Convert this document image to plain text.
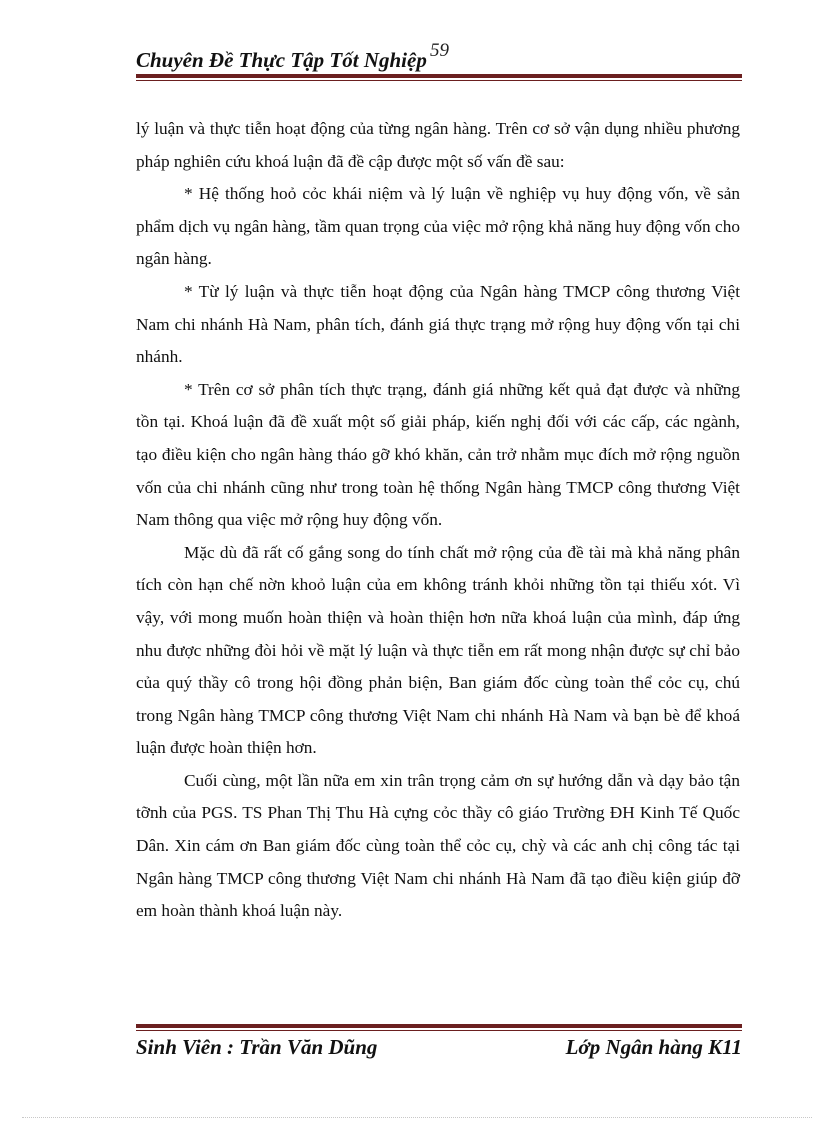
Chuyên Đề Thực Tập Tốt Nghiệp 59

lý luận và thực tiễn hoạt động của từng ngân hàng. Trên cơ sở vận dụng nhiều phương pháp nghiên cứu khoá luận đã đề cập được một số vấn đề sau:

* Hệ thống hoỏ cỏc khái niệm và lý luận về nghiệp vụ huy động vốn, về sản phẩm dịch vụ ngân hàng, tầm quan trọng của việc mở rộng khả năng huy động vốn cho ngân hàng.

* Từ lý luận và thực tiễn hoạt động của Ngân hàng TMCP công thương Việt Nam chi nhánh Hà Nam, phân tích, đánh giá thực trạng mở rộng huy động vốn tại chi nhánh.

* Trên cơ sở phân tích thực trạng, đánh giá những kết quả đạt được và những tồn tại. Khoá luận đã đề xuất một số giải pháp, kiến nghị đối với các cấp, các ngành, tạo điều kiện cho ngân hàng tháo gỡ khó khăn, cản trở nhằm mục đích mở rộng nguồn vốn của chi nhánh cũng như trong toàn hệ thống Ngân hàng TMCP công thương Việt Nam thông qua việc mở rộng huy động vốn.

Mặc dù đã rất cố gắng song do tính chất mở rộng của đề tài mà khả năng phân tích còn hạn chế nờn khoỏ luận của em không tránh khỏi những tồn tại thiếu xót. Vì vậy, với mong muốn hoàn thiện và hoàn thiện hơn nữa khoá luận của mình, đáp ứng nhu được những đòi hỏi về mặt lý luận và thực tiễn em rất mong nhận được sự chỉ bảo của quý thầy cô trong hội đồng phản biện, Ban giám đốc cùng toàn thể cỏc cụ, chú trong Ngân hàng TMCP công thương Việt Nam chi nhánh Hà Nam và bạn bè để khoá luận được hoàn thiện hơn.

Cuối cùng, một lần nữa em xin trân trọng cảm ơn sự hướng dẫn và dạy bảo tận tỡnh của PGS. TS Phan Thị Thu Hà cựng cỏc thầy cô giáo Trường ĐH Kinh Tế Quốc Dân. Xin cám ơn Ban giám đốc cùng toàn thể cỏc cụ, chỳ và các anh chị công tác tại Ngân hàng TMCP công thương Việt Nam chi nhánh Hà Nam đã tạo điều kiện giúp đỡ em hoàn thành khoá luận này.

Sinh Viên : Trần Văn Dũng	Lớp Ngân hàng K11
